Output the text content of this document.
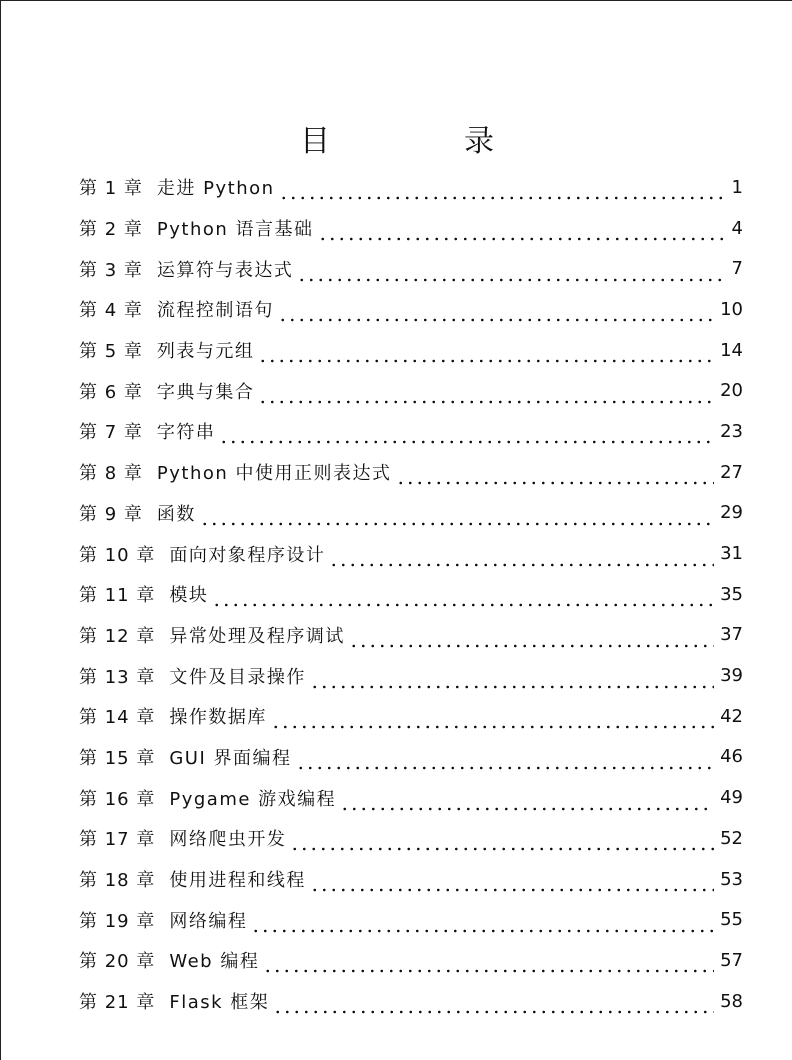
目　录
第 1 章 走进 Python	1
第 2 章 Python 语言基础	4
第 3 章 运算符与表达式	7
第 4 章 流程控制语句	10
第 5 章 列表与元组	14
第 6 章 字典与集合	20
第 7 章 字符串	23
第 8 章 Python 中使用正则表达式	27
第 9 章 函数	29
第 10 章 面向对象程序设计	31
第 11 章 模块	35
第 12 章 异常处理及程序调试	37
第 13 章 文件及目录操作	39
第 14 章 操作数据库	42
第 15 章 GUI 界面编程	46
第 16 章 Pygame 游戏编程	49
第 17 章 网络爬虫开发	52
第 18 章 使用进程和线程	53
第 19 章 网络编程	55
第 20 章 Web 编程	57
第 21 章 Flask 框架	58
